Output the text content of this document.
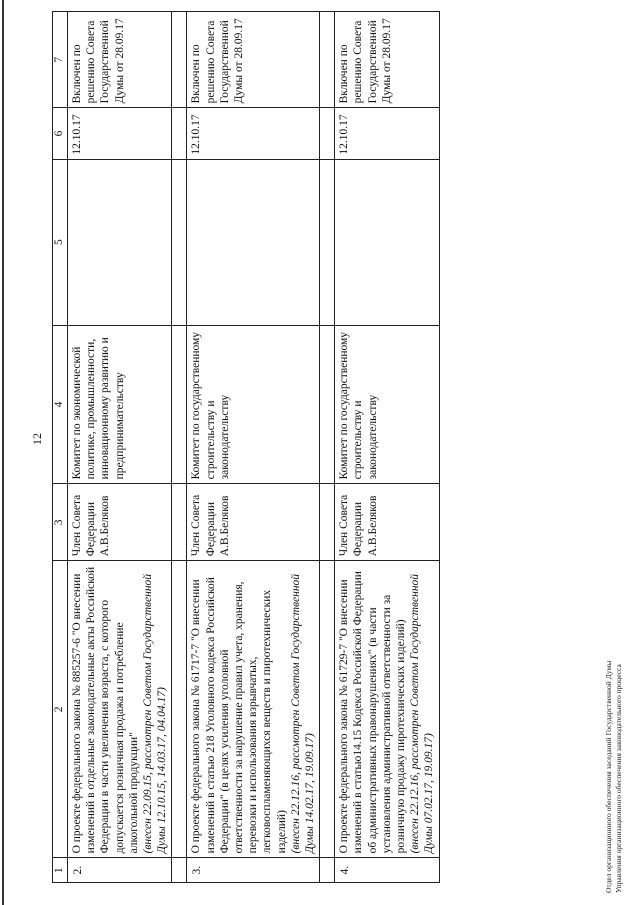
12
1	2	3	4	5	6	7
2.	О проекте федерального закона № 885257-6 "О внесении изменений в отдельные законодательные акты Российской Федерации в части увеличения возраста, с которого допускается розничная продажа и потребление алкогольной продукции" (внесен 22.09.15, рассмотрен Советом Государственной Думы 12.10.15, 14.03.17, 04.04.17)	Член Совета Федерации А.В.Беляков	Комитет по экономической политике, промышленности, инновационному развитию и предпринимательству		12.10.17	Включен по решению Совета Государственной Думы от 28.09.17

3.	О проекте федерального закона № 61717-7 "О внесении изменений в статью 218 Уголовного кодекса Российской Федерации" (в целях усиления уголовной ответственности за нарушение правил учета, хранения, перевозки и использования взрывчатых, легковоспламеняющихся веществ и пиротехнических изделий) (внесен 22.12.16, рассмотрен Советом Государственной Думы 14.02.17, 19.09.17)	Член Совета Федерации А.В.Беляков	Комитет по государственному строительству и законодательству		12.10.17	Включен по решению Совета Государственной Думы от 28.09.17

4.	О проекте федерального закона № 61729-7 "О внесении изменений в статью14.15 Кодекса Российской Федерации об административных правонарушениях" (в части установления административной ответственности за розничную продажу пиротехнических изделий) (внесен 22.12.16, рассмотрен Советом Государственной Думы 07.02.17, 19.09.17)	Член Совета Федерации А.В.Беляков	Комитет по государственному строительству и законодательству		12.10.17	Включен по решению Совета Государственной Думы от 28.09.17
Отдел организационного обеспечения заседаний Государственной Думы Управления организационного обеспечения законодательного процесса
